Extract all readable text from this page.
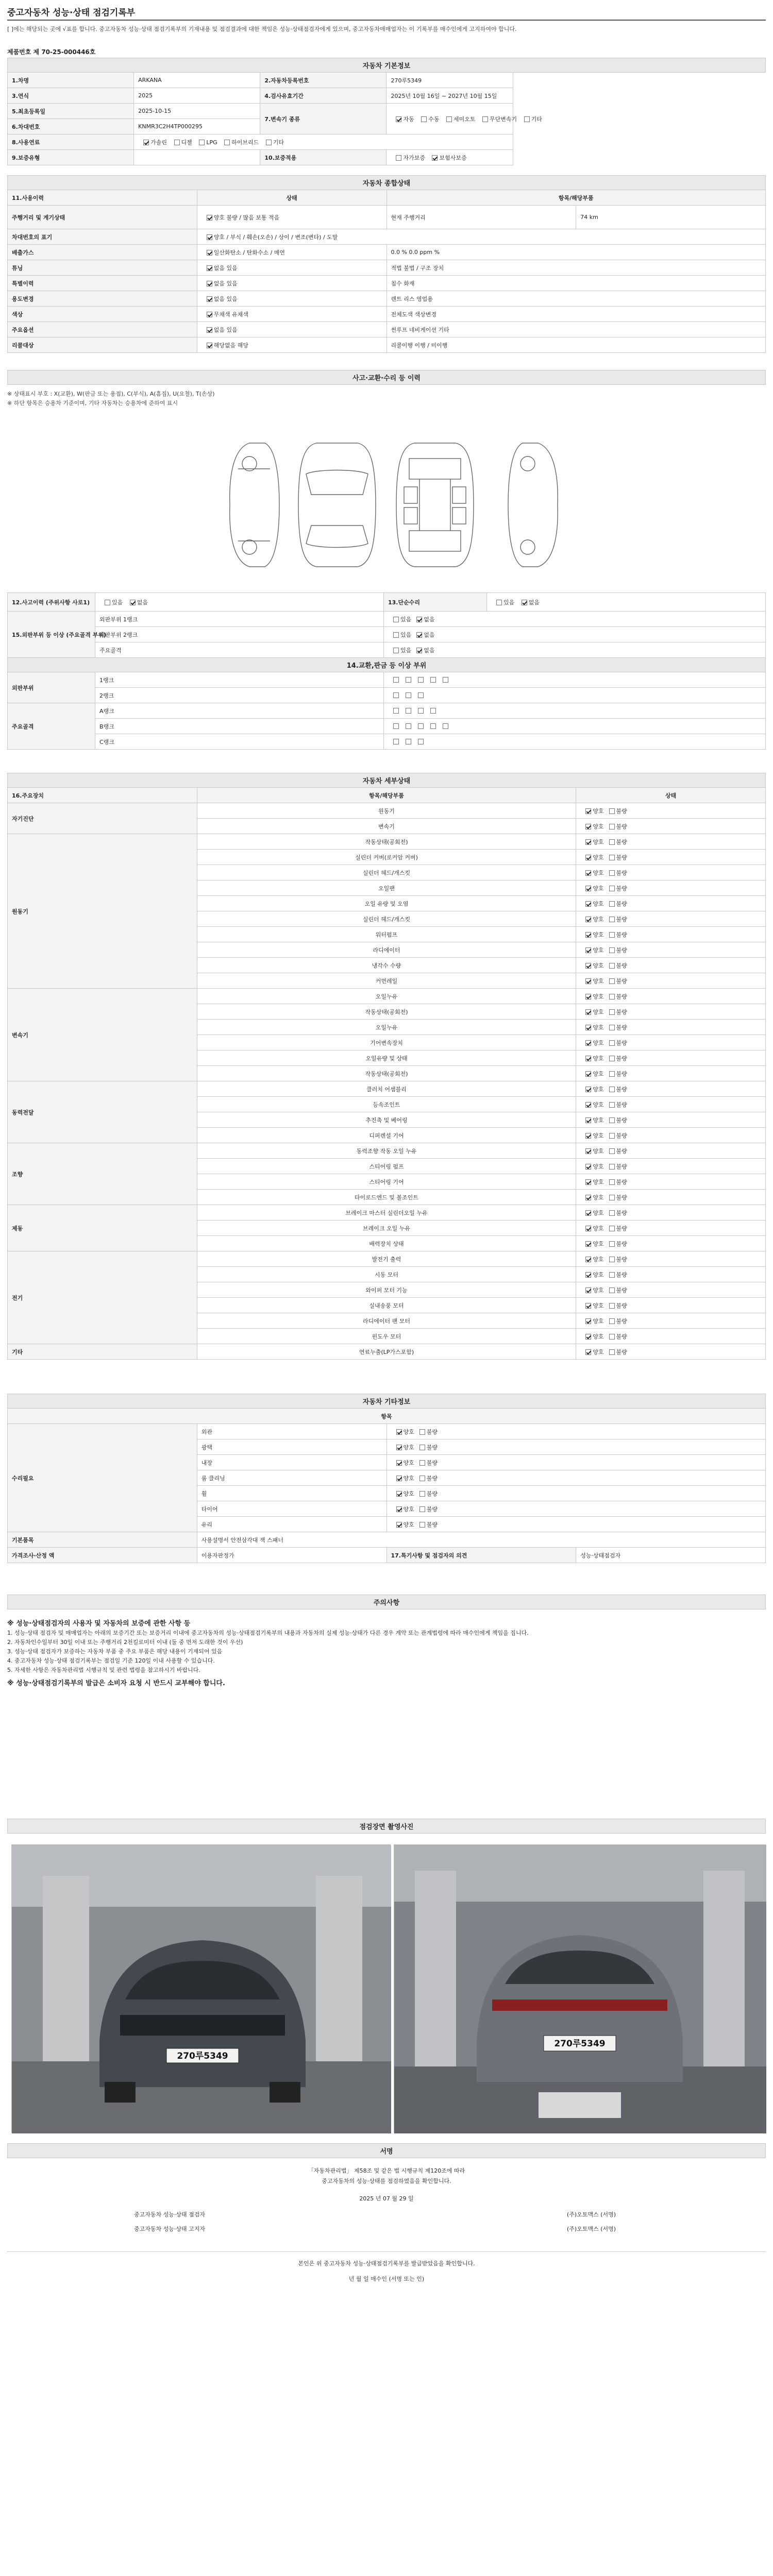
중고자동차 성능·상태 점검기록부
[ ]에는 해당되는 곳에 √표를 합니다. 중고자동차 성능·상태 점검기록부의 기재내용 및 점검결과에 대한 책임은 성능·상태점검자에게 있으며, 중고자동차매매업자는 이 기록부를 매수인에게 고지하여야 합니다.
제품번호 제 70-25-000446호
자동차 기본정보			
1.차명	ARKANA	2.자동차등록번호	270루5349
3.연식	2025	4.검사유효기간	2025년 10월 16일 ~ 2027년 10월 15일
5.최초등록일	2025-10-15	7.변속기 종류	자동 수동 세미오토 무단변속기 기타
6.차대번호	KNMR3C2H4TP000295		
8.사용연료	가솔린 디젤 LPG 하이브리드 기타		
9.보증유형		10.보증적용	자가보증 보험사보증
자동차 종합상태			
11.사용이력	상태	항목/해당부품	
주행거리 및 계기상태	양호 불량 / 많음 보통 적음	현재 주행거리	74 km
차대번호의 표기	양호 / 부식 / 훼손(오손) / 상이 / 변조(변타) / 도말		
배출가스	일산화탄소 / 탄화수소 / 매연	0.0 % 0.0 ppm %	
튜닝	없음 있음	적법 불법 / 구조 장치	
특별이력	없음 있음	침수 화재	
용도변경	없음 있음	렌트 리스 영업용	
색상	무채색 유채색	전체도색 색상변경	
주요옵션	없음 있음	썬루프 네비게이션 기타	
리콜대상	해당없음 해당	리콜이행 이행 / 미이행	
사고·교환·수리 등 이력
※ 상태표시 부호 : X(교환), W(판금 또는 용접), C(부식), A(흠집), U(요철), T(손상)
※ 하단 항목은 승용차 기준이며, 기타 자동차는 승용차에 준하여 표시
12.사고이력 (주위사항 사로1)	있음 없음	13.단순수리	있음 없음
15.외판부위 등 이상 (주요골격 부위)	외판부위 1랭크	있음 없음	
	외판부위 2랭크	있음 없음	
	주요골격	있음 없음	
14.교환,판금 등 이상 부위			
외판부위	1랭크		
	2랭크		
주요골격	A랭크		
	B랭크		
	C랭크		
자동차 세부상태		
16.주요장치	항목/해당부품	상태
자기진단	원동기	양호 불량
	변속기	양호 불량
원동기	작동상태(공회전)	양호 불량
	실린더 커버(로커암 커버)	양호 불량
	실린더 헤드/개스킷	양호 불량
	오일팬	양호 불량
	오일 유량 및 오염	양호 불량
	실린더 헤드/개스킷	양호 불량
	워터펌프	양호 불량
	라디에이터	양호 불량
	냉각수 수량	양호 불량
	커먼레일	양호 불량
변속기	오일누유	양호 불량
	작동상태(공회전)	양호 불량
	오일누유	양호 불량
	기어변속장치	양호 불량
	오일유량 및 상태	양호 불량
	작동상태(공회전)	양호 불량
동력전달	클러치 어셈블리	양호 불량
	등속조인트	양호 불량
	추진축 및 베어링	양호 불량
	디퍼렌셜 기어	양호 불량
조향	동력조향 작동 오일 누유	양호 불량
	스티어링 펌프	양호 불량
	스티어링 기어	양호 불량
	타이로드엔드 및 볼조인트	양호 불량
제동	브레이크 마스터 실린더오일 누유	양호 불량
	브레이크 오일 누유	양호 불량
	배력장치 상태	양호 불량
전기	발전기 출력	양호 불량
	시동 모터	양호 불량
	와이퍼 모터 기능	양호 불량
	실내송풍 모터	양호 불량
	라디에이터 팬 모터	양호 불량
	윈도우 모터	양호 불량
기타	연료누출(LP가스포함)	양호 불량
자동차 기타정보			
항목			
수리필요	외관	양호 불량	
	광택	양호 불량	
	내장	양호 불량	
	룸 클리닝	양호 불량	
	휠	양호 불량	
	타이어	양호 불량	
	유리	양호 불량	
기본품목	사용설명서 안전삼각대 잭 스패너		
가격조사·산정 액	이용자판정가	17.특기사항 및 점검자의 의견	성능·상태점검자
주의사항

※ 성능·상태점검자의 사용자 및 자동차의 보증에 관한 사항 등

1. 성능·상태 점검자 및 매매업자는 아래의 보증기간 또는 보증거리 이내에 중고자동차의 성능·상태점검기록부의 내용과 자동차의 실제 성능·상태가 다른 경우 계약 또는 관계법령에 따라 매수인에게 책임을 집니다.

2. 자동차인수일부터 30일 이내 또는 주행거리 2천킬로미터 이내 (둘 중 먼저 도래한 것이 우선)

3. 성능·상태 점검자가 보증하는 자동차 부품 중 주요 부품은 해당 내용이 기재되어 있음

4. 중고자동차 성능·상태 점검기록부는 점검일 기준 120일 이내 사용할 수 있습니다.

5. 자세한 사항은 자동차관리법 시행규칙 및 관련 법령을 참고하시기 바랍니다.

※ 성능·상태점검기록부의 발급은 소비자 요청 시 반드시 교부해야 합니다.

점검장면 촬영사진
270루5349
270루5349
서명

「자동차관리법」 제58조 및 같은 법 시행규칙 제120조에 따라

중고자동차의 성능·상태를 점검하였음을 확인합니다.

2025 년 07 월 29 일

중고자동차 성능·상태 점검자	(주)오토맥스 (서명)
중고자동차 성능·상태 고지자	(주)오토맥스 (서명)

본인은 위 중고자동차 성능·상태점검기록부를 발급받았음을 확인합니다.

년 월 일 매수인 (서명 또는 인)
